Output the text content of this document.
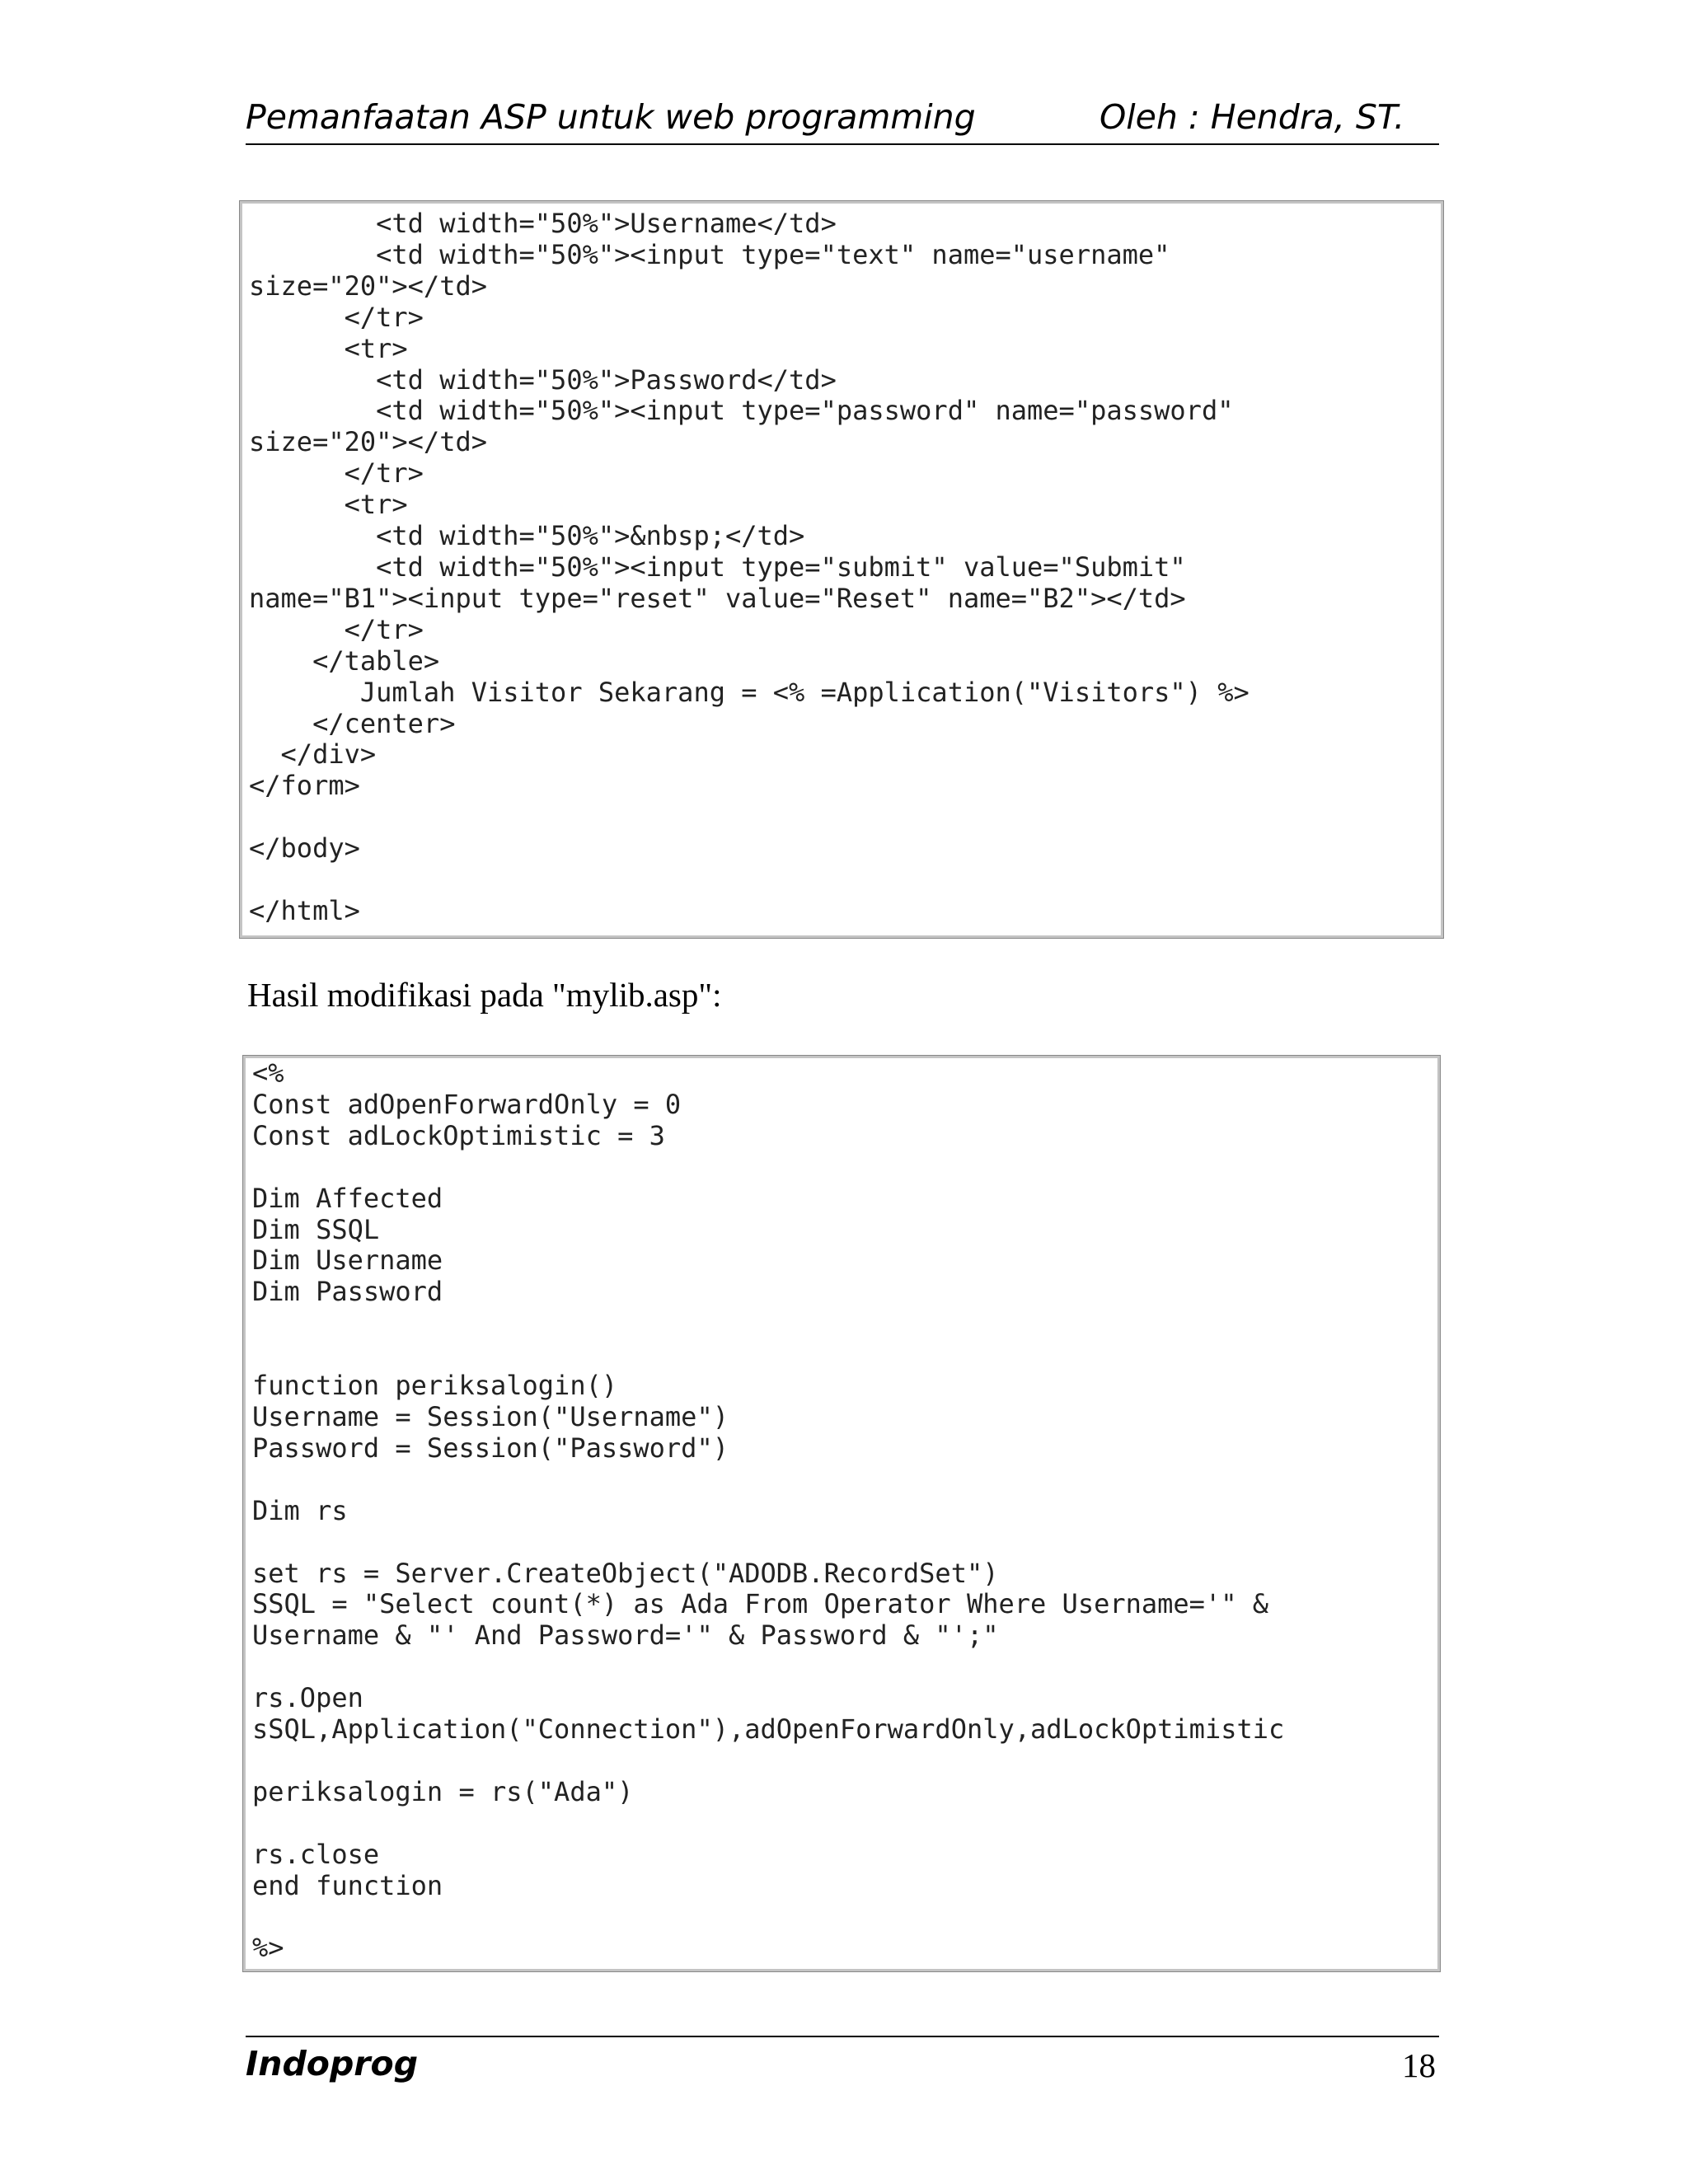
Pemanfaatan ASP untuk web programming	Oleh : Hendra, ST.
<td width="50%">Username</td>
<td width="50%"><input type="text" name="username"
size="20"></td>
</tr>
<tr>
<td width="50%">Password</td>
<td width="50%"><input type="password" name="password"
size="20"></td>
</tr>
<tr>
<td width="50%">&nbsp;</td>
<td width="50%"><input type="submit" value="Submit"
name="B1"><input type="reset" value="Reset" name="B2"></td>
</tr>
</table>
Jumlah Visitor Sekarang = <% =Application("Visitors") %>
</center>
</div>
</form>

</body>

</html>
Hasil modifikasi pada "mylib.asp":
<%
Const adOpenForwardOnly = 0
Const adLockOptimistic = 3

Dim Affected
Dim SSQL
Dim Username
Dim Password

function periksalogin()
Username = Session("Username")
Password = Session("Password")

Dim rs

set rs = Server.CreateObject("ADODB.RecordSet")
SSQL = "Select count(*) as Ada From Operator Where Username='" &
Username & "' And Password='" & Password & "';"

rs.Open
sSQL,Application("Connection"),adOpenForwardOnly,adLockOptimistic

periksalogin = rs("Ada")

rs.close
end function

%>
Indoprog	18
